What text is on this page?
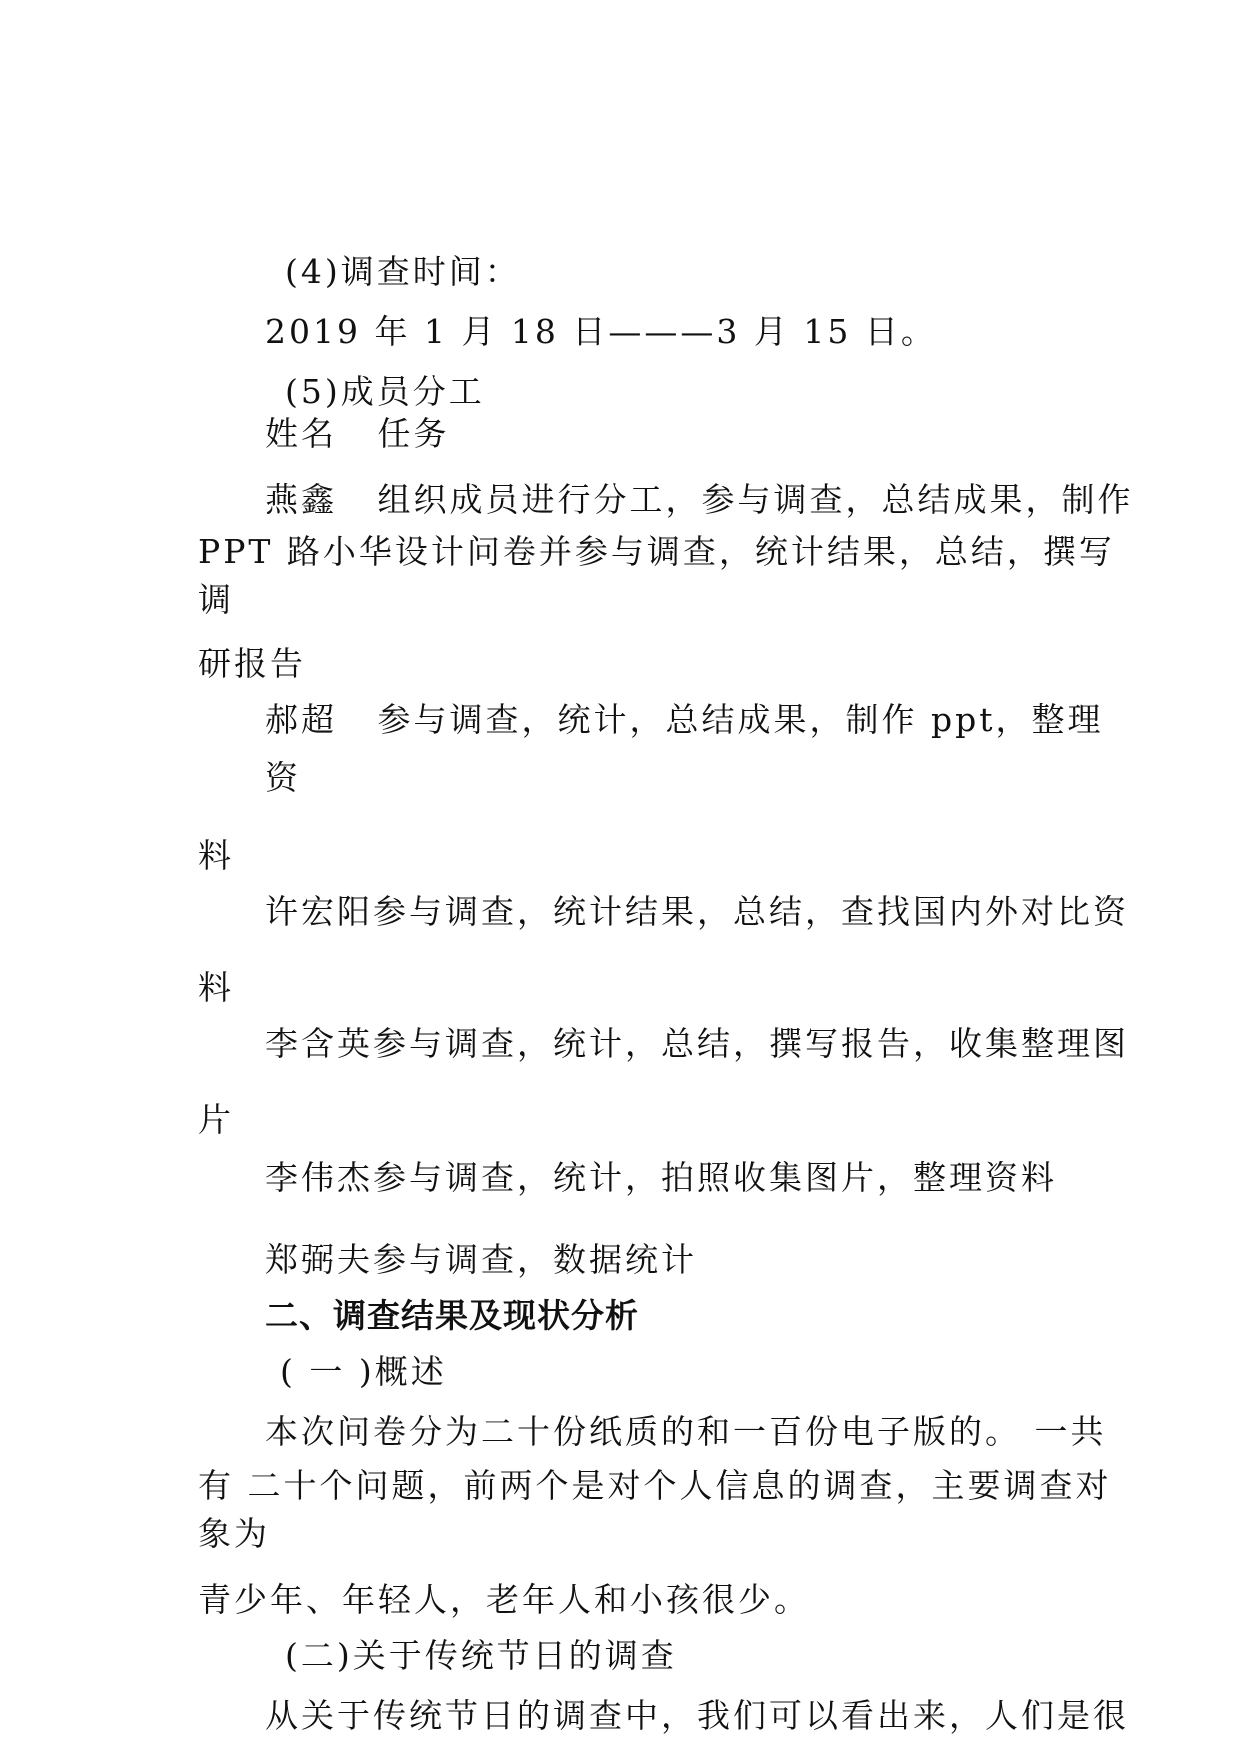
(4)调查时间：
2019 年 1 月 18 日———3 月 15 日。
(5)成员分工
姓名   任务
燕鑫   组织成员进行分工，参与调查，总结成果，制作
PPT 路小华设计问卷并参与调查，统计结果，总结，撰写
调
研报告
郝超   参与调查，统计，总结成果，制作 ppt，整理
资
料
许宏阳参与调查，统计结果，总结，查找国内外对比资
料
李含英参与调查，统计，总结，撰写报告，收集整理图
片
李伟杰参与调查，统计，拍照收集图片，整理资料
郑弼夫参与调查，数据统计
二、调查结果及现状分析
( 一 )概述
本次问卷分为二十份纸质的和一百份电子版的。 一共
有 二十个问题，前两个是对个人信息的调查，主要调查对
象为
青少年、年轻人，老年人和小孩很少。
(二)关于传统节日的调查
从关于传统节日的调查中，我们可以看出来，人们是很
